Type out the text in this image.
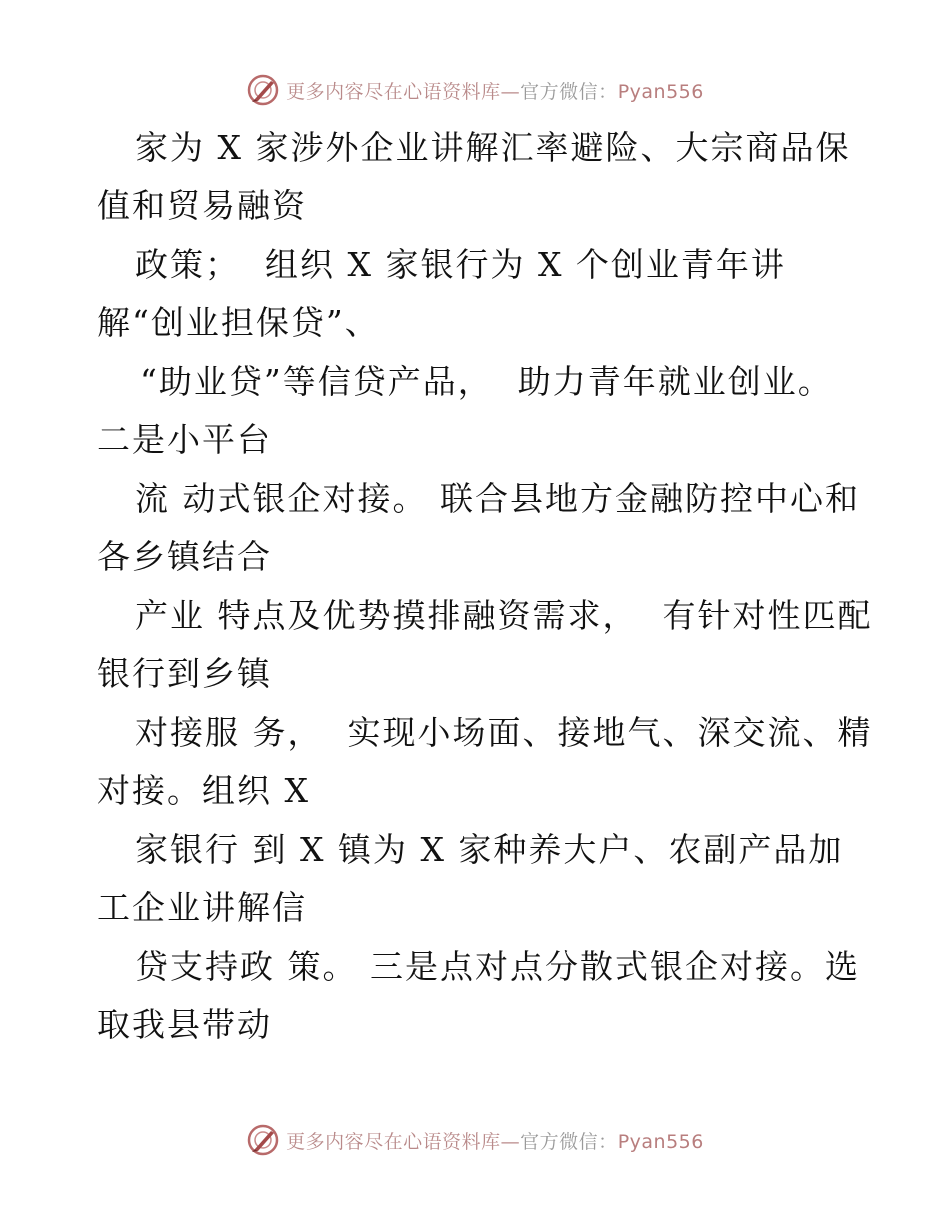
更多内容尽在心语资料库—官方微信：Pyan556
家为 X 家涉外企业讲解汇率避险、大宗商品保
值和贸易融资
政策；  组织 X 家银行为 X 个创业青年讲
解“创业担保贷”、
“助业贷”等信贷产品，  助力青年就业创业。
二是小平台
流 动式银企对接。 联合县地方金融防控中心和
各乡镇结合
产业 特点及优势摸排融资需求，  有针对性匹配
银行到乡镇
对接服 务，  实现小场面、接地气、深交流、精
对接。组织 X
家银行 到 X 镇为 X 家种养大户、农副产品加
工企业讲解信
贷支持政 策。 三是点对点分散式银企对接。选
取我县带动
更多内容尽在心语资料库—官方微信：Pyan556
